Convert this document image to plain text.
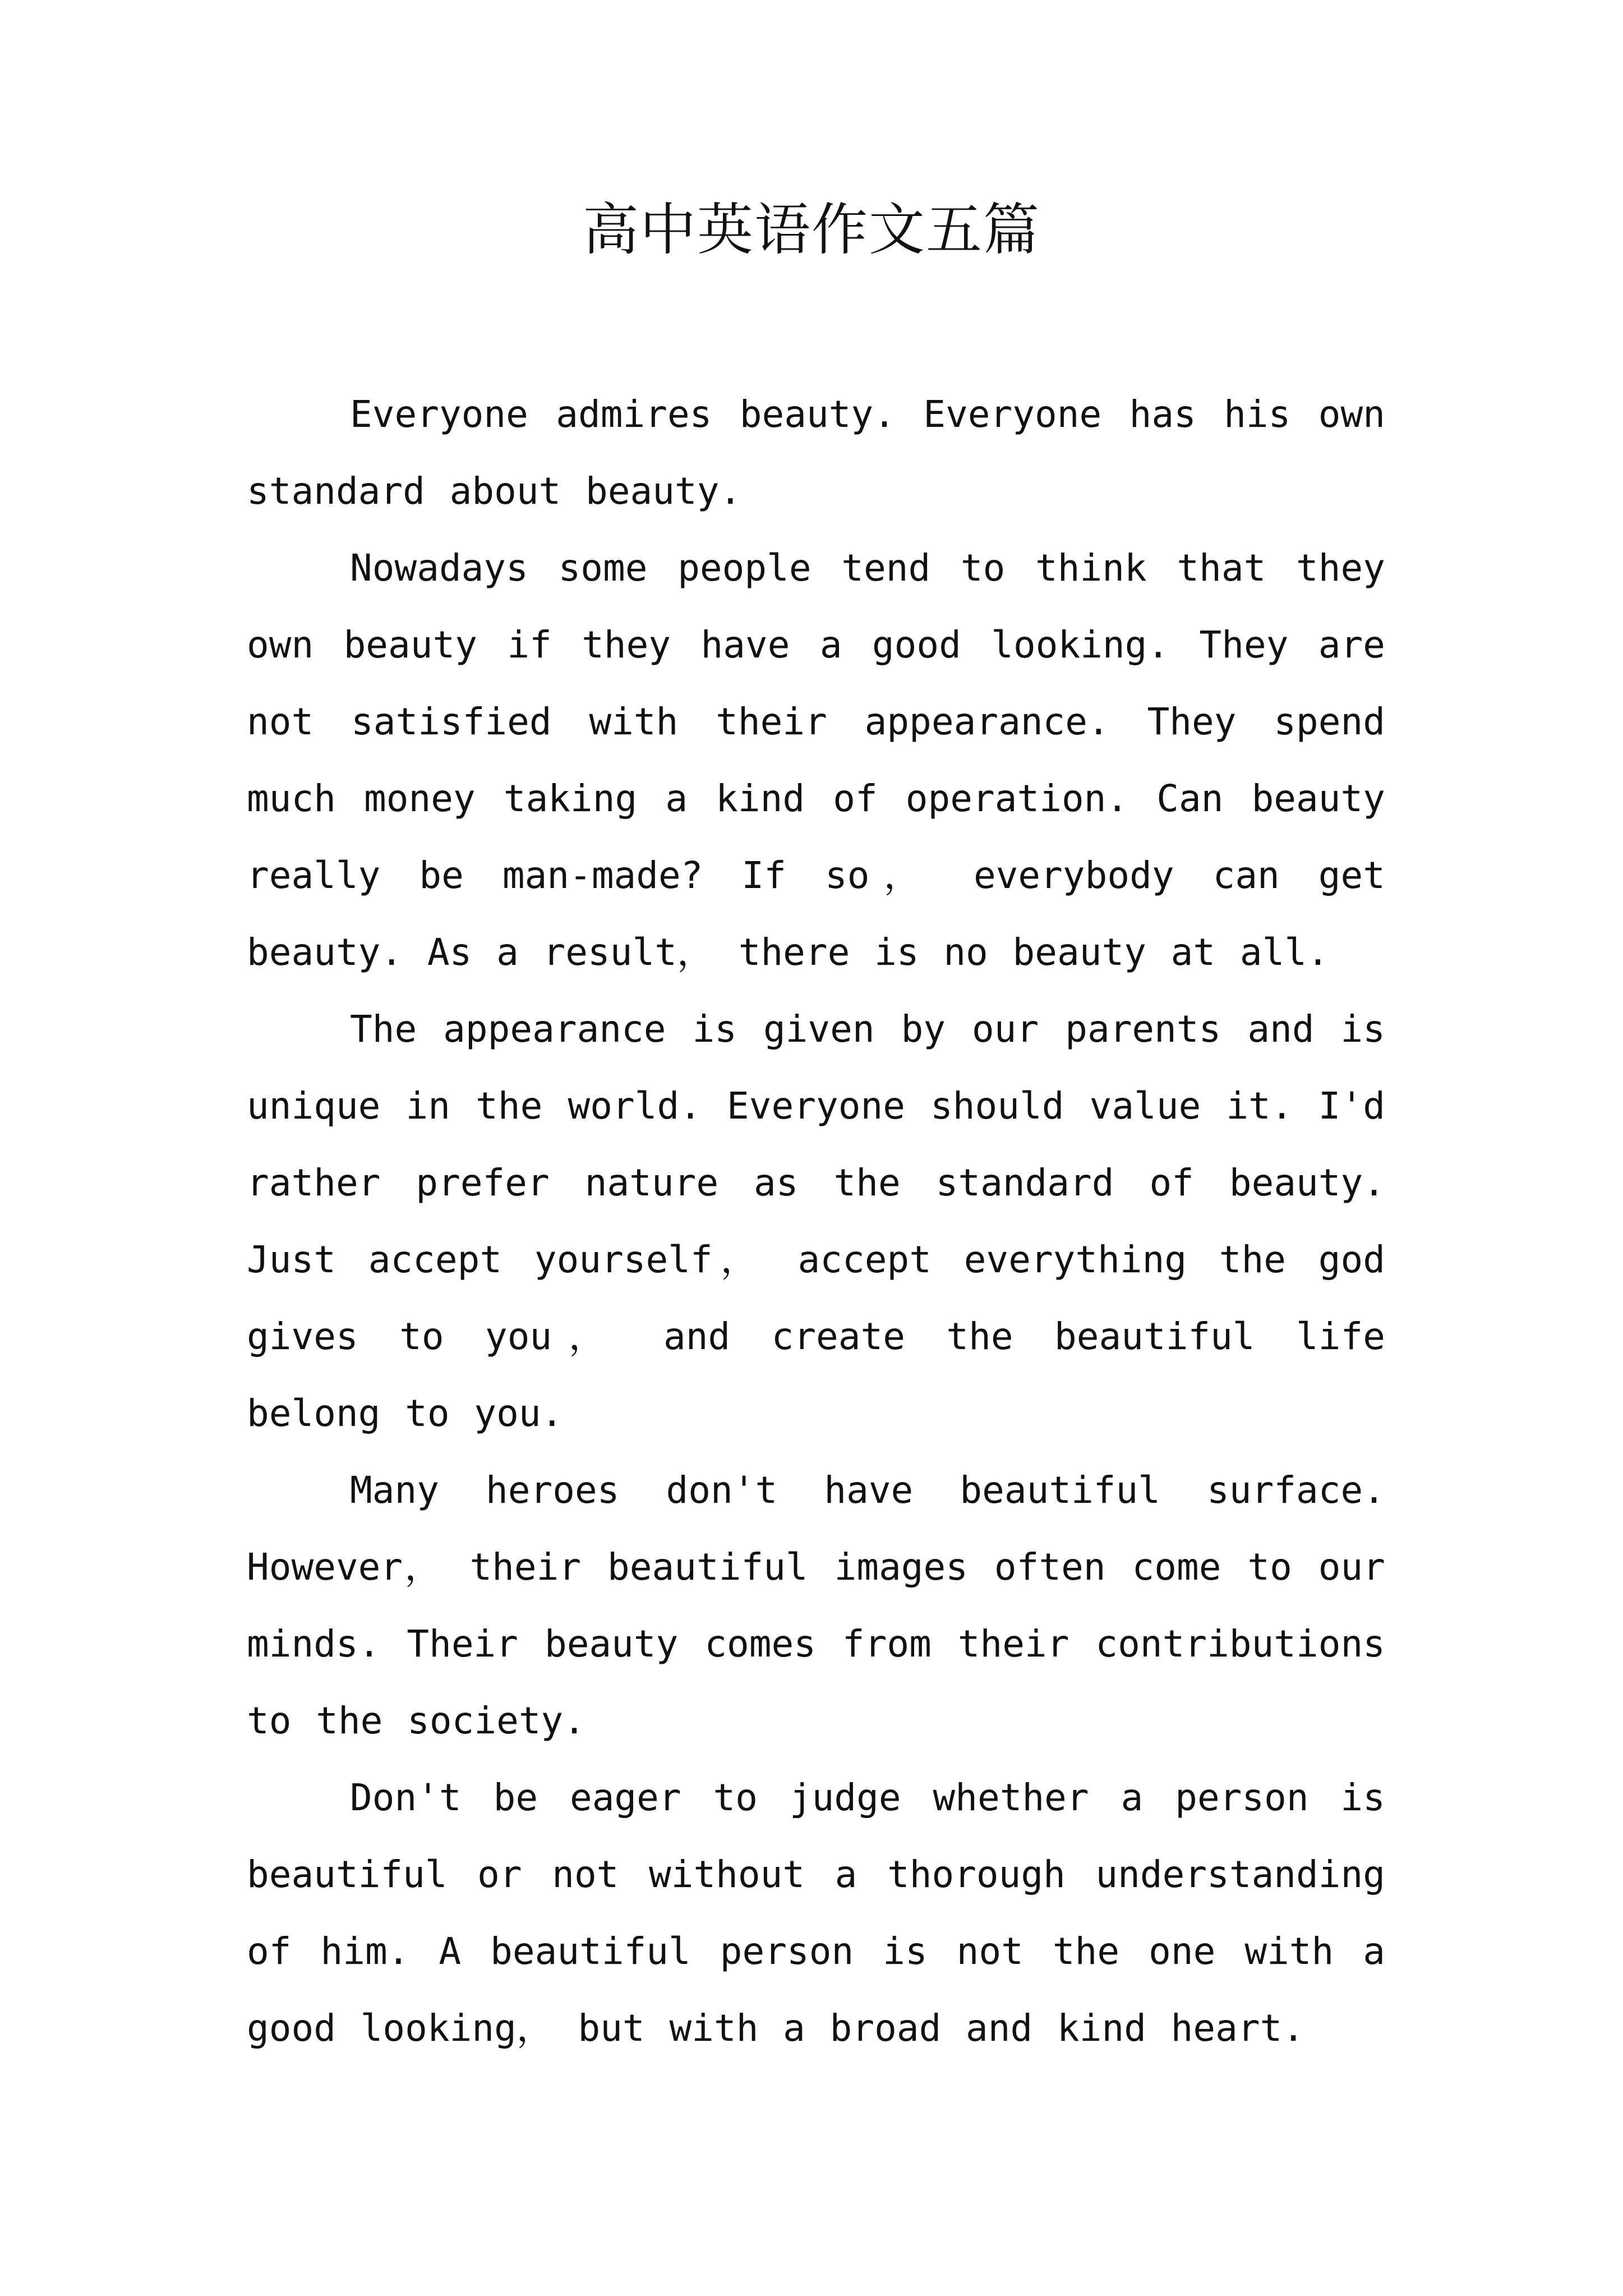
高中英语作文五篇

Everyone admires beauty. Everyone has his own standard about beauty.

Nowadays some people tend to think that they own beauty if they have a good looking. They are not satisfied with their appearance. They spend much money taking a kind of operation. Can beauty really be man-made? If so， everybody can get beauty. As a result， there is no beauty at all.

The appearance is given by our parents and is unique in the world. Everyone should value it. I'd rather prefer nature as the standard of beauty. Just accept yourself， accept everything the god gives to you， and create the beautiful life belong to you.

Many heroes don't have beautiful surface. However， their beautiful images often come to our minds. Their beauty comes from their contributions to the society.

Don't be eager to judge whether a person is beautiful or not without a thorough understanding of him. A beautiful person is not the one with a good looking， but with a broad and kind heart.
